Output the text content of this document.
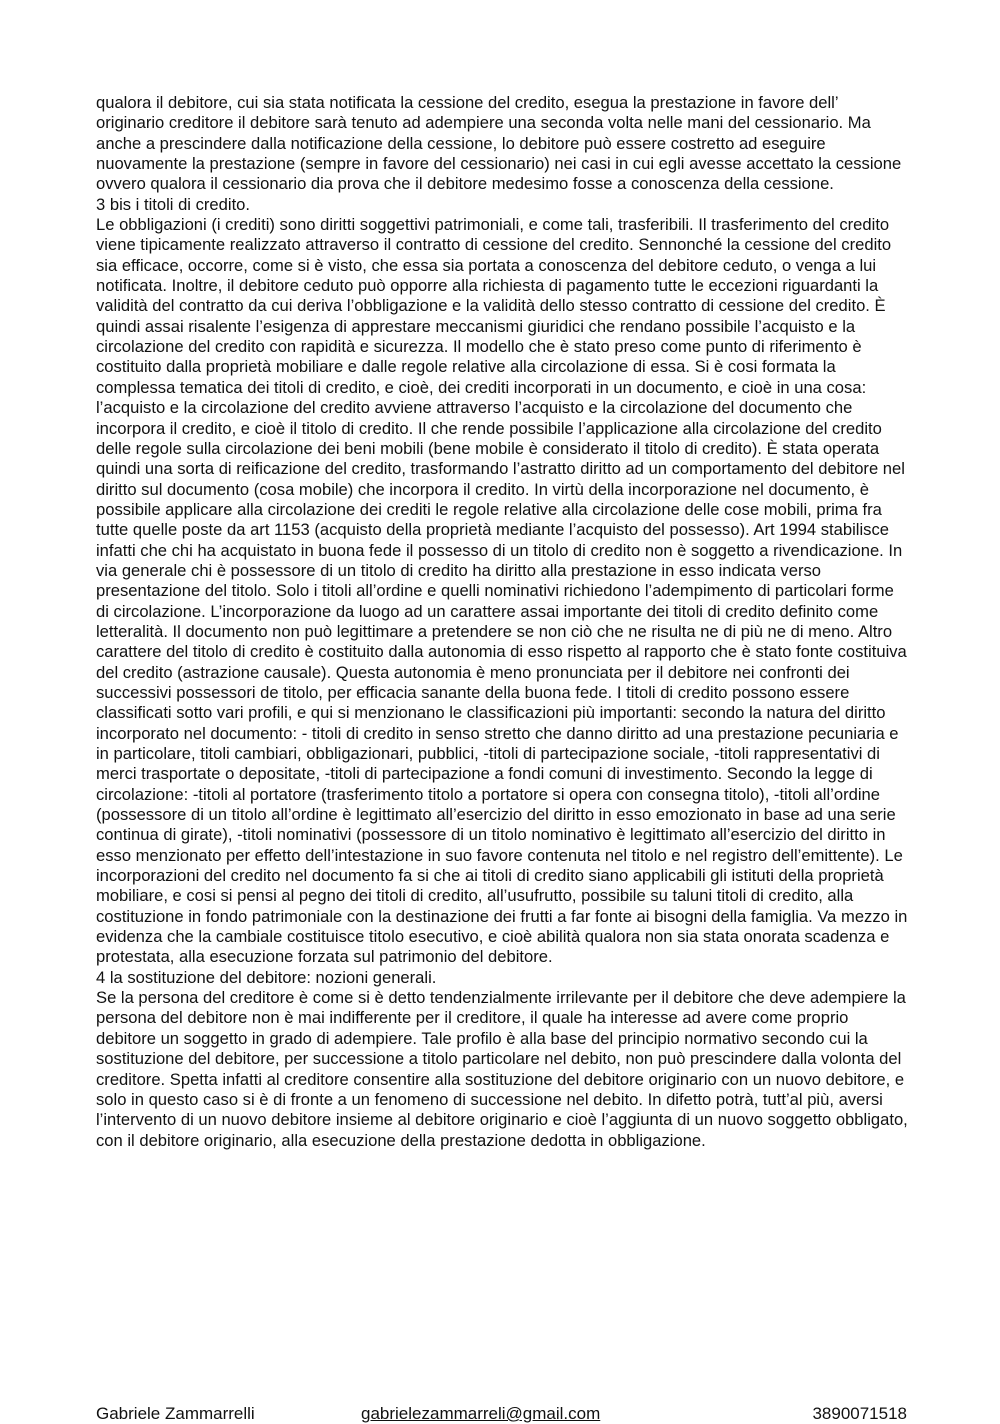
qualora il debitore, cui sia stata notificata la cessione del credito, esegua la prestazione in favore dell’ originario creditore il debitore sarà tenuto ad adempiere una seconda volta nelle mani del cessionario. Ma anche a prescindere dalla notificazione della cessione, lo debitore può essere costretto ad eseguire nuovamente la prestazione (sempre in favore del cessionario) nei casi in cui egli avesse accettato la cessione ovvero qualora il cessionario dia prova che il debitore medesimo fosse a conoscenza della cessione.

3 bis i titoli di credito.

Le obbligazioni (i crediti) sono diritti soggettivi patrimoniali, e come tali, trasferibili. Il trasferimento del credito viene tipicamente realizzato attraverso il contratto di cessione del credito. Sennonché la cessione del credito sia efficace, occorre, come si è visto, che essa sia portata a conoscenza del debitore ceduto, o venga a lui notificata. Inoltre, il debitore ceduto può opporre alla richiesta di pagamento tutte le eccezioni riguardanti la validità del contratto da cui deriva l’obbligazione e la validità dello stesso contratto di cessione del credito. È quindi assai risalente l’esigenza di apprestare meccanismi giuridici che rendano possibile l’acquisto e la circolazione del credito con rapidità e sicurezza. Il modello che è stato preso come punto di riferimento è costituito dalla proprietà mobiliare e dalle regole relative alla circolazione di essa. Si è cosi formata la complessa tematica dei titoli di credito, e cioè, dei crediti incorporati in un documento, e cioè in una cosa: l’acquisto e la circolazione del credito avviene attraverso l’acquisto e la circolazione del documento che incorpora il credito, e cioè il titolo di credito. Il che rende possibile l’applicazione alla circolazione del credito delle regole sulla circolazione dei beni mobili (bene mobile è considerato il titolo di credito). È stata operata quindi una sorta di reificazione del credito, trasformando l’astratto diritto ad un comportamento del debitore nel diritto sul documento (cosa mobile) che incorpora il credito. In virtù della incorporazione nel documento, è possibile applicare alla circolazione dei crediti le regole relative alla circolazione delle cose mobili, prima fra tutte quelle poste da art 1153 (acquisto della proprietà mediante l’acquisto del possesso). Art 1994 stabilisce infatti che chi ha acquistato in buona fede il possesso di un titolo di credito non è soggetto a rivendicazione. In via generale chi è possessore di un titolo di credito ha diritto alla prestazione in esso indicata verso presentazione del titolo. Solo i titoli all’ordine e quelli nominativi richiedono l’adempimento di particolari forme di circolazione. L’incorporazione da luogo ad un carattere assai importante dei titoli di credito definito come letteralità. Il documento non può legittimare a pretendere se non ciò che ne risulta ne di più ne di meno. Altro carattere del titolo di credito è costituito dalla autonomia di esso rispetto al rapporto che è stato fonte costituiva del credito (astrazione causale). Questa autonomia è meno pronunciata per il debitore nei confronti dei successivi possessori de titolo, per efficacia sanante della buona fede. I titoli di credito possono essere classificati sotto vari profili, e qui si menzionano le classificazioni più importanti: secondo la natura del diritto incorporato nel documento: - titoli di credito in senso stretto che danno diritto ad una prestazione pecuniaria e in particolare, titoli cambiari, obbligazionari, pubblici, -titoli di partecipazione sociale, -titoli rappresentativi di merci trasportate o depositate, -titoli di partecipazione a fondi comuni di investimento. Secondo la legge di circolazione: -titoli al portatore (trasferimento titolo a portatore si opera con consegna titolo), -titoli all’ordine (possessore di un titolo all’ordine è legittimato all’esercizio del diritto in esso emozionato in base ad una serie continua di girate), -titoli nominativi (possessore di un titolo nominativo è legittimato all’esercizio del diritto in esso menzionato per effetto dell’intestazione in suo favore contenuta nel titolo e nel registro dell’emittente). Le incorporazioni del credito nel documento fa si che ai titoli di credito siano applicabili gli istituti della proprietà mobiliare, e cosi si pensi al pegno dei titoli di credito, all’usufrutto, possibile su taluni titoli di credito, alla costituzione in fondo patrimoniale con la destinazione dei frutti a far fonte ai bisogni della famiglia. Va mezzo in evidenza che la cambiale costituisce titolo esecutivo, e cioè abilità qualora non sia stata onorata scadenza e protestata, alla esecuzione forzata sul patrimonio del debitore.

4 la sostituzione del debitore: nozioni generali.

Se la persona del creditore è come si è detto tendenzialmente irrilevante per il debitore che deve adempiere la persona del debitore non è mai indifferente per il creditore, il quale ha interesse ad avere come proprio debitore un soggetto in grado di adempiere. Tale profilo è alla base del principio normativo secondo cui la sostituzione del debitore, per successione a titolo particolare nel debito, non può prescindere dalla volonta del creditore. Spetta infatti al creditore consentire alla sostituzione del debitore originario con un nuovo debitore, e solo in questo caso si è di fronte a un fenomeno di successione nel debito. In difetto potrà, tutt’al più, aversi l’intervento di un nuovo debitore insieme al debitore originario e cioè l’aggiunta di un nuovo soggetto obbligato, con il debitore originario, alla esecuzione della prestazione dedotta in obbligazione.

Gabriele Zammarrelli	gabrielezammarreli@gmail.com	3890071518
